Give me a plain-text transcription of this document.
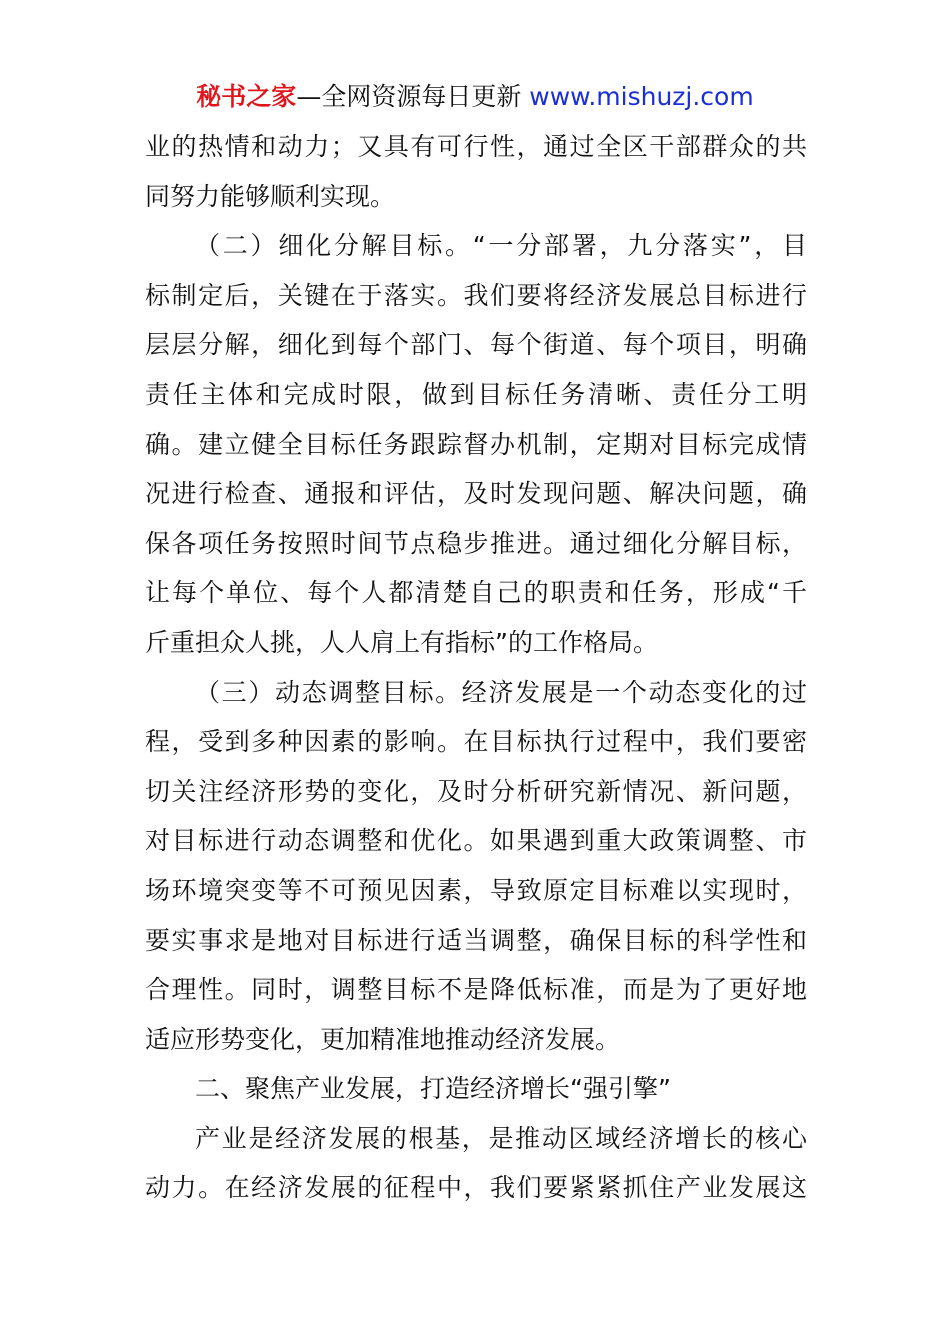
秘书之家—全网资源每日更新 www.mishuzj.com
业的热情和动力；又具有可行性，通过全区干部群众的共
同努力能够顺利实现。
（二）细化分解目标。“一分部署，九分落实”，目
标制定后，关键在于落实。我们要将经济发展总目标进行
层层分解，细化到每个部门、每个街道、每个项目，明确
责任主体和完成时限，做到目标任务清晰、责任分工明
确。建立健全目标任务跟踪督办机制，定期对目标完成情
况进行检查、通报和评估，及时发现问题、解决问题，确
保各项任务按照时间节点稳步推进。通过细化分解目标，
让每个单位、每个人都清楚自己的职责和任务，形成“千
斤重担众人挑，人人肩上有指标”的工作格局。
（三）动态调整目标。经济发展是一个动态变化的过
程，受到多种因素的影响。在目标执行过程中，我们要密
切关注经济形势的变化，及时分析研究新情况、新问题，
对目标进行动态调整和优化。如果遇到重大政策调整、市
场环境突变等不可预见因素，导致原定目标难以实现时，
要实事求是地对目标进行适当调整，确保目标的科学性和
合理性。同时，调整目标不是降低标准，而是为了更好地
适应形势变化，更加精准地推动经济发展。
二、聚焦产业发展，打造经济增长“强引擎”
产业是经济发展的根基，是推动区域经济增长的核心
动力。在经济发展的征程中，我们要紧紧抓住产业发展这
